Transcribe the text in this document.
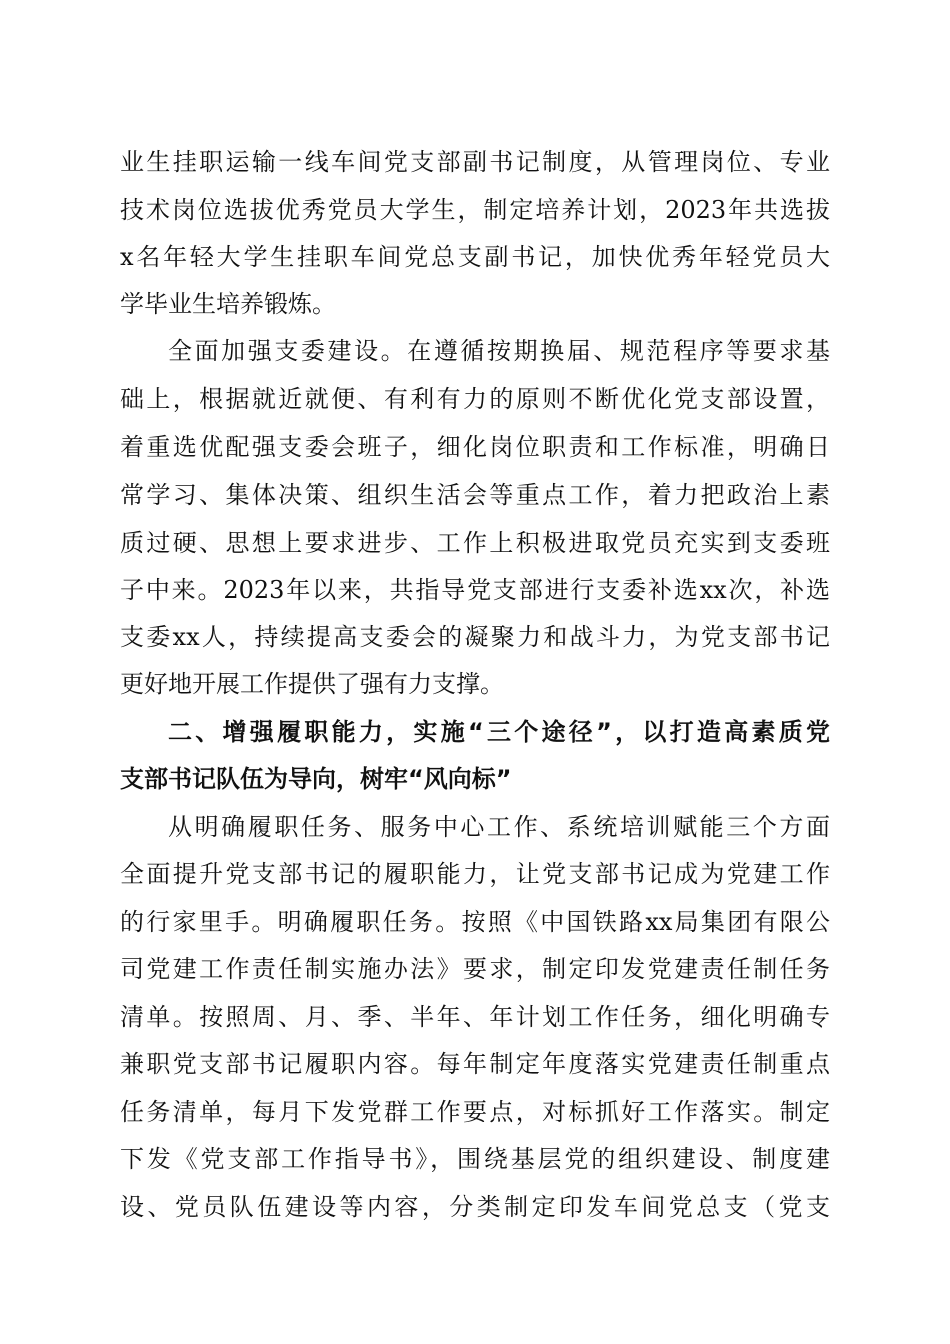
业生挂职运输一线车间党支部副书记制度，从管理岗位、专业
技术岗位选拔优秀党员大学生，制定培养计划，2023年共选拔
x名年轻大学生挂职车间党总支副书记，加快优秀年轻党员大
学毕业生培养锻炼。
全面加强支委建设。在遵循按期换届、规范程序等要求基
础上，根据就近就便、有利有力的原则不断优化党支部设置，
着重选优配强支委会班子，细化岗位职责和工作标准，明确日
常学习、集体决策、组织生活会等重点工作，着力把政治上素
质过硬、思想上要求进步、工作上积极进取党员充实到支委班
子中来。2023年以来，共指导党支部进行支委补选xx次，补选
支委xx人，持续提高支委会的凝聚力和战斗力，为党支部书记
更好地开展工作提供了强有力支撑。
二、增强履职能力，实施“三个途径”，以打造高素质党
支部书记队伍为导向，树牢“风向标”
从明确履职任务、服务中心工作、系统培训赋能三个方面
全面提升党支部书记的履职能力，让党支部书记成为党建工作
的行家里手。明确履职任务。按照《中国铁路xx局集团有限公
司党建工作责任制实施办法》要求，制定印发党建责任制任务
清单。按照周、月、季、半年、年计划工作任务，细化明确专
兼职党支部书记履职内容。每年制定年度落实党建责任制重点
任务清单，每月下发党群工作要点，对标抓好工作落实。制定
下发《党支部工作指导书》，围绕基层党的组织建设、制度建
设、党员队伍建设等内容，分类制定印发车间党总支（党支
